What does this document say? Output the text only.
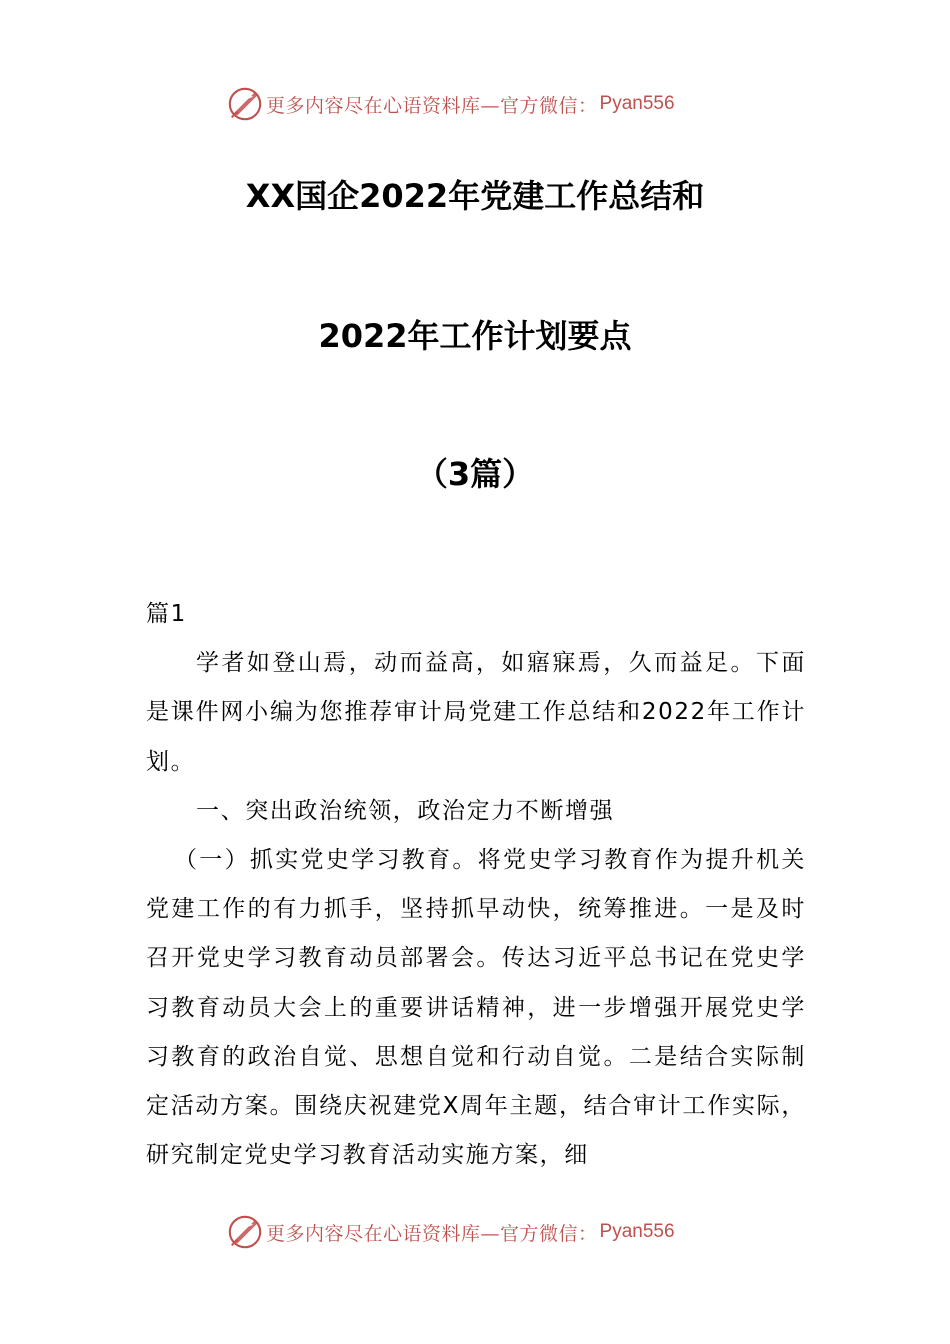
更多内容尽在心语资料库—官方微信： Pyan556
XX国企2022年党建工作总结和
2022年工作计划要点
（3篇）

篇1

学者如登山焉，动而益高，如寤寐焉，久而益足。下面是课件网小编为您推荐审计局党建工作总结和2022年工作计划。

一、突出政治统领，政治定力不断增强

（一）抓实党史学习教育。将党史学习教育作为提升机关党建工作的有力抓手，坚持抓早动快，统筹推进。一是及时召开党史学习教育动员部署会。传达习近平总书记在党史学习教育动员大会上的重要讲话精神，进一步增强开展党史学习教育的政治自觉、思想自觉和行动自觉。二是结合实际制定活动方案。围绕庆祝建党X周年主题，结合审计工作实际，研究制定党史学习教育活动实施方案，细

更多内容尽在心语资料库—官方微信： Pyan556
